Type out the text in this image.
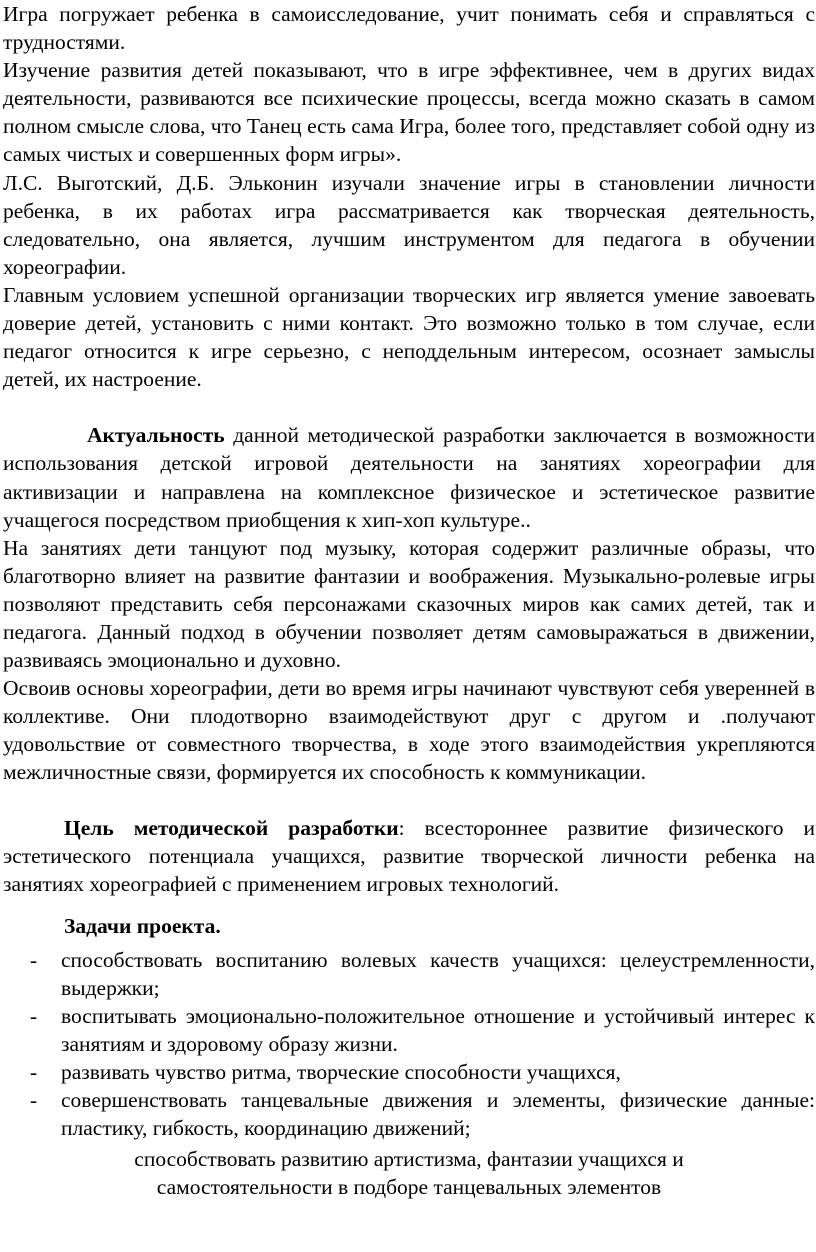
Игра погружает ребенка в самоисследование, учит понимать себя и справляться с трудностями.

Изучение развития детей показывают, что в игре эффективнее, чем в других видах деятельности, развиваются все психические процессы, всегда можно сказать в самом полном смысле слова, что Танец есть сама Игра, более того, представляет собой одну из самых чистых и совершенных форм игры».

Л.С. Выготский, Д.Б. Эльконин изучали значение игры в становлении личности ребенка, в их работах игра рассматривается как творческая деятельность, следовательно, она является, лучшим инструментом для педагога в обучении хореографии.

Главным условием успешной организации творческих игр является умение завоевать доверие детей, установить с ними контакт. Это возможно только в том случае, если педагог относится к игре серьезно, с неподдельным интересом, осознает замыслы детей, их настроение.

Актуальность данной методической разработки заключается в возможности использования детской игровой деятельности на занятиях хореографии для активизации и направлена на комплексное физическое и эстетическое развитие учащегося посредством приобщения к хип-хоп культуре..

На занятиях дети танцуют под музыку, которая содержит различные образы, что благотворно влияет на развитие фантазии и воображения. Музыкально-ролевые игры позволяют представить себя персонажами сказочных миров как самих детей, так и педагога. Данный подход в обучении позволяет детям самовыражаться в движении, развиваясь эмоционально и духовно.

Освоив основы хореографии, дети во время игры начинают чувствуют себя уверенней в коллективе. Они плодотворно взаимодействуют друг с другом и .получают удовольствие от совместного творчества, в ходе этого взаимодействия укрепляются межличностные связи, формируется их способность к коммуникации.

Цель методической разработки: всестороннее развитие физического и эстетического потенциала учащихся, развитие творческой личности ребенка на занятиях хореографией с применением игровых технологий.

Задачи проекта.

- способствовать воспитанию волевых качеств учащихся: целеустремленности, выдержки;
- воспитывать эмоционально-положительное отношение и устойчивый интерес к занятиям и здоровому образу жизни.
- развивать чувство ритма, творческие способности учащихся,
- совершенствовать танцевальные движения и элементы, физические данные: пластику, гибкость, координацию движений;

способствовать развитию артистизма, фантазии учащихся и

самостоятельности в подборе танцевальных элементов
